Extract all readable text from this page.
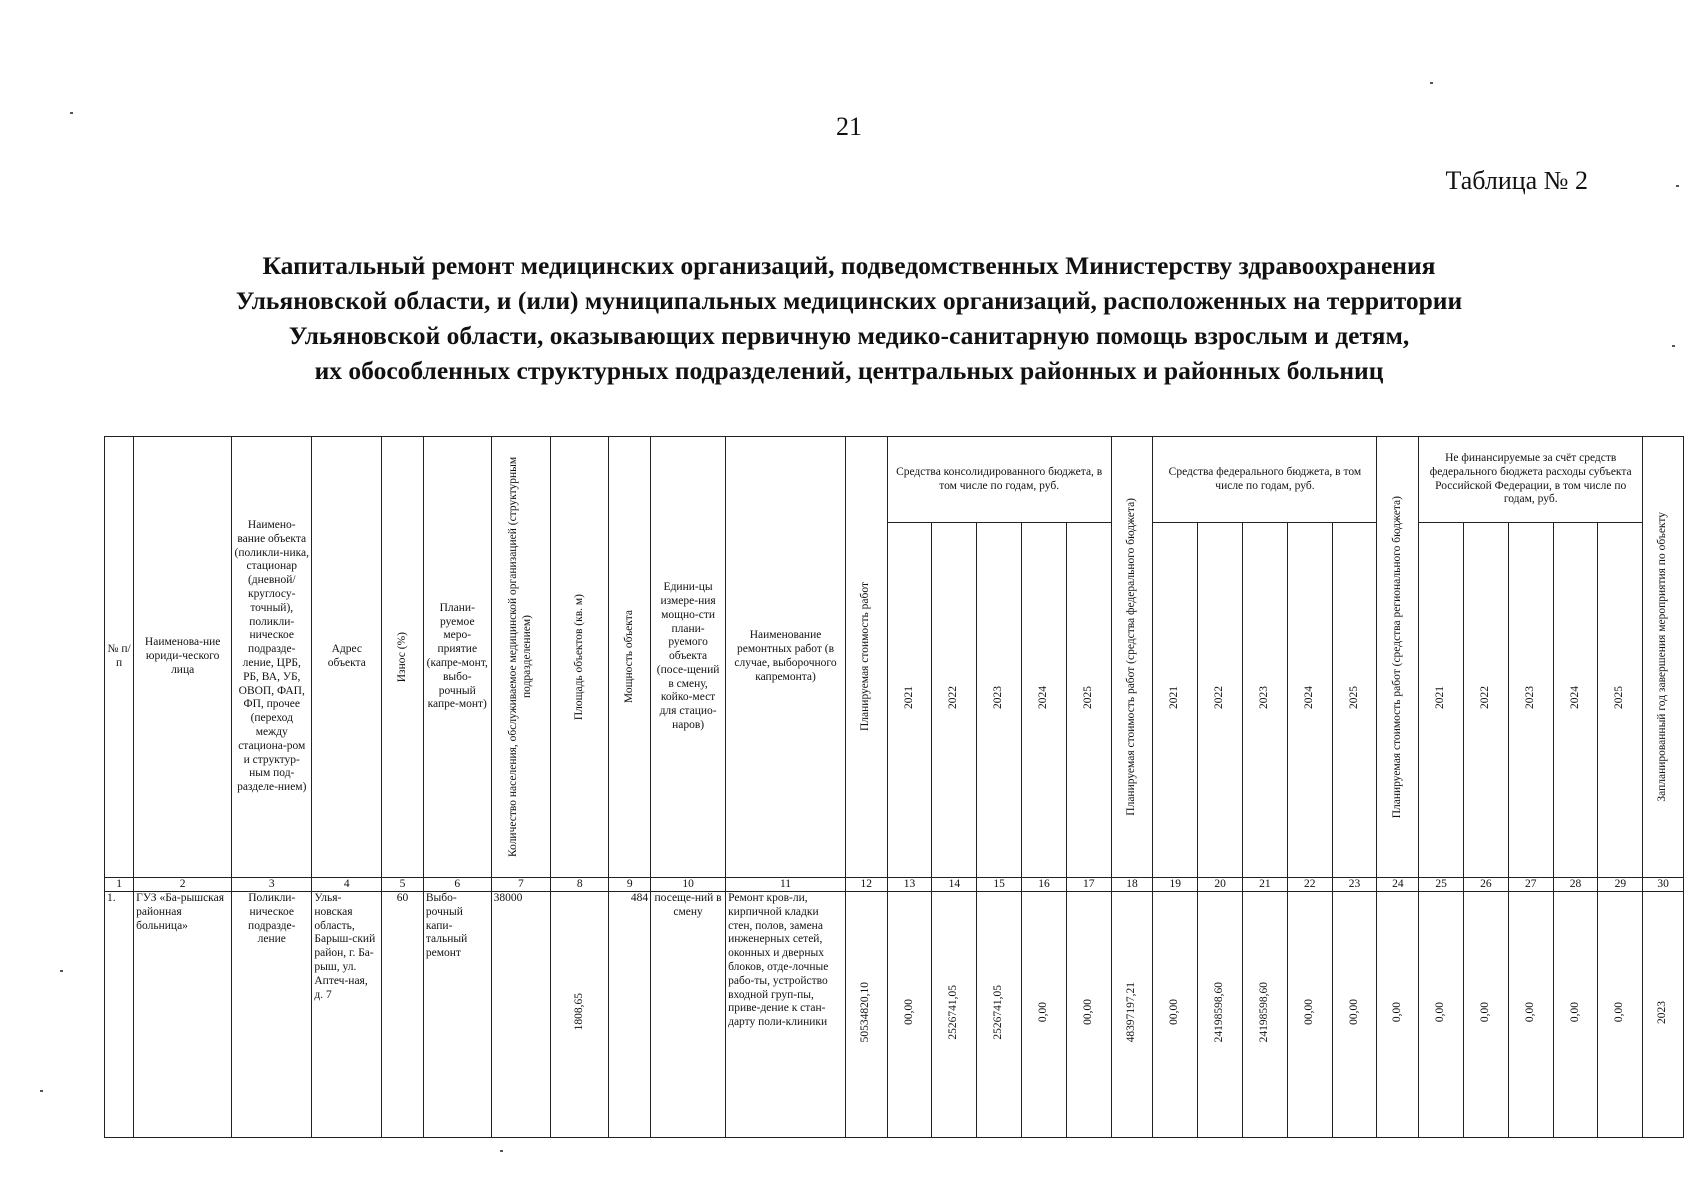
21
Таблица № 2
Капитальный ремонт медицинских организаций, подведомственных Министерству здравоохранения
Ульяновской области, и (или) муниципальных медицинских организаций, расположенных на территории
Ульяновской области, оказывающих первичную медико-санитарную помощь взрослым и детям,
их обособленных структурных подразделений, центральных районных и районных больниц
№ п/п	Наименова-ние юриди-ческого лица	Наимено-вание объекта (поликли-ника, стационар (дневной/ круглосу-точный), поликли-ническое подразде-ление, ЦРБ, РБ, ВА, УБ, ОВОП, ФАП, ФП, прочее (переход между стациона-ром и структур-ным под-разделе-нием)	Адрес объекта	Износ (%)	Плани-руемое меро-приятие (капре-монт, выбо-рочный капре-монт)	Количество населения, обслуживаемое медицинской организацией (структурным подразделением)	Площадь объектов (кв. м)	Мощность объекта	Едини-цы измере-ния мощно-сти плани-руемого объекта (посе-щений в смену, койко-мест для стацио-наров)	Наименование ремонтных работ (в случае, выборочного капремонта)	Планируемая стоимость работ	Средства консолидированного бюджета, в том числе по годам, руб.					Планируемая стоимость работ (средства федерального бюджета)	Средства федерального бюджета, в том числе по годам, руб.					Планируемая стоимость работ (средства регионального бюджета)	Не финансируемые за счёт средств федерального бюджета расходы субъекта Российской Федерации, в том числе по годам, руб.					Запланированный год завершения мероприятия по объекту

												2021	2022	2023	2024	2025		2021	2022	2023	2024	2025		2021	2022	2023	2024	2025	
1	2	3	4	5	6	7	8	9	10	11	12	13	14	15	16	17	18	19	20	21	22	23	24	25	26	27	28	29	30
1.	ГУЗ «Ба-рышская районная больница»	Поликли-ническое подразде-ление	Улья-новская область, Барыш-ский район, г. Ба-рыш, ул. Аптеч-ная, д. 7	60	Выбо-рочный капи-тальный ремонт	38000	1808,65	484	посеще-ний в смену	Ремонт кров-ли, кирпичной кладки стен, полов, замена инженерных сетей, оконных и дверных блоков, отде-лочные рабо-ты, устройство входной груп-пы, приве-дение к стан-дарту поли-клиники	50534820,10	00,00	2526741,05	2526741,05	0,00	00,00	48397197,21	00,00	24198598,60	24198598,60	00,00	00,00	0,00	0,00	0,00	0,00	0,00	0,00	2023
